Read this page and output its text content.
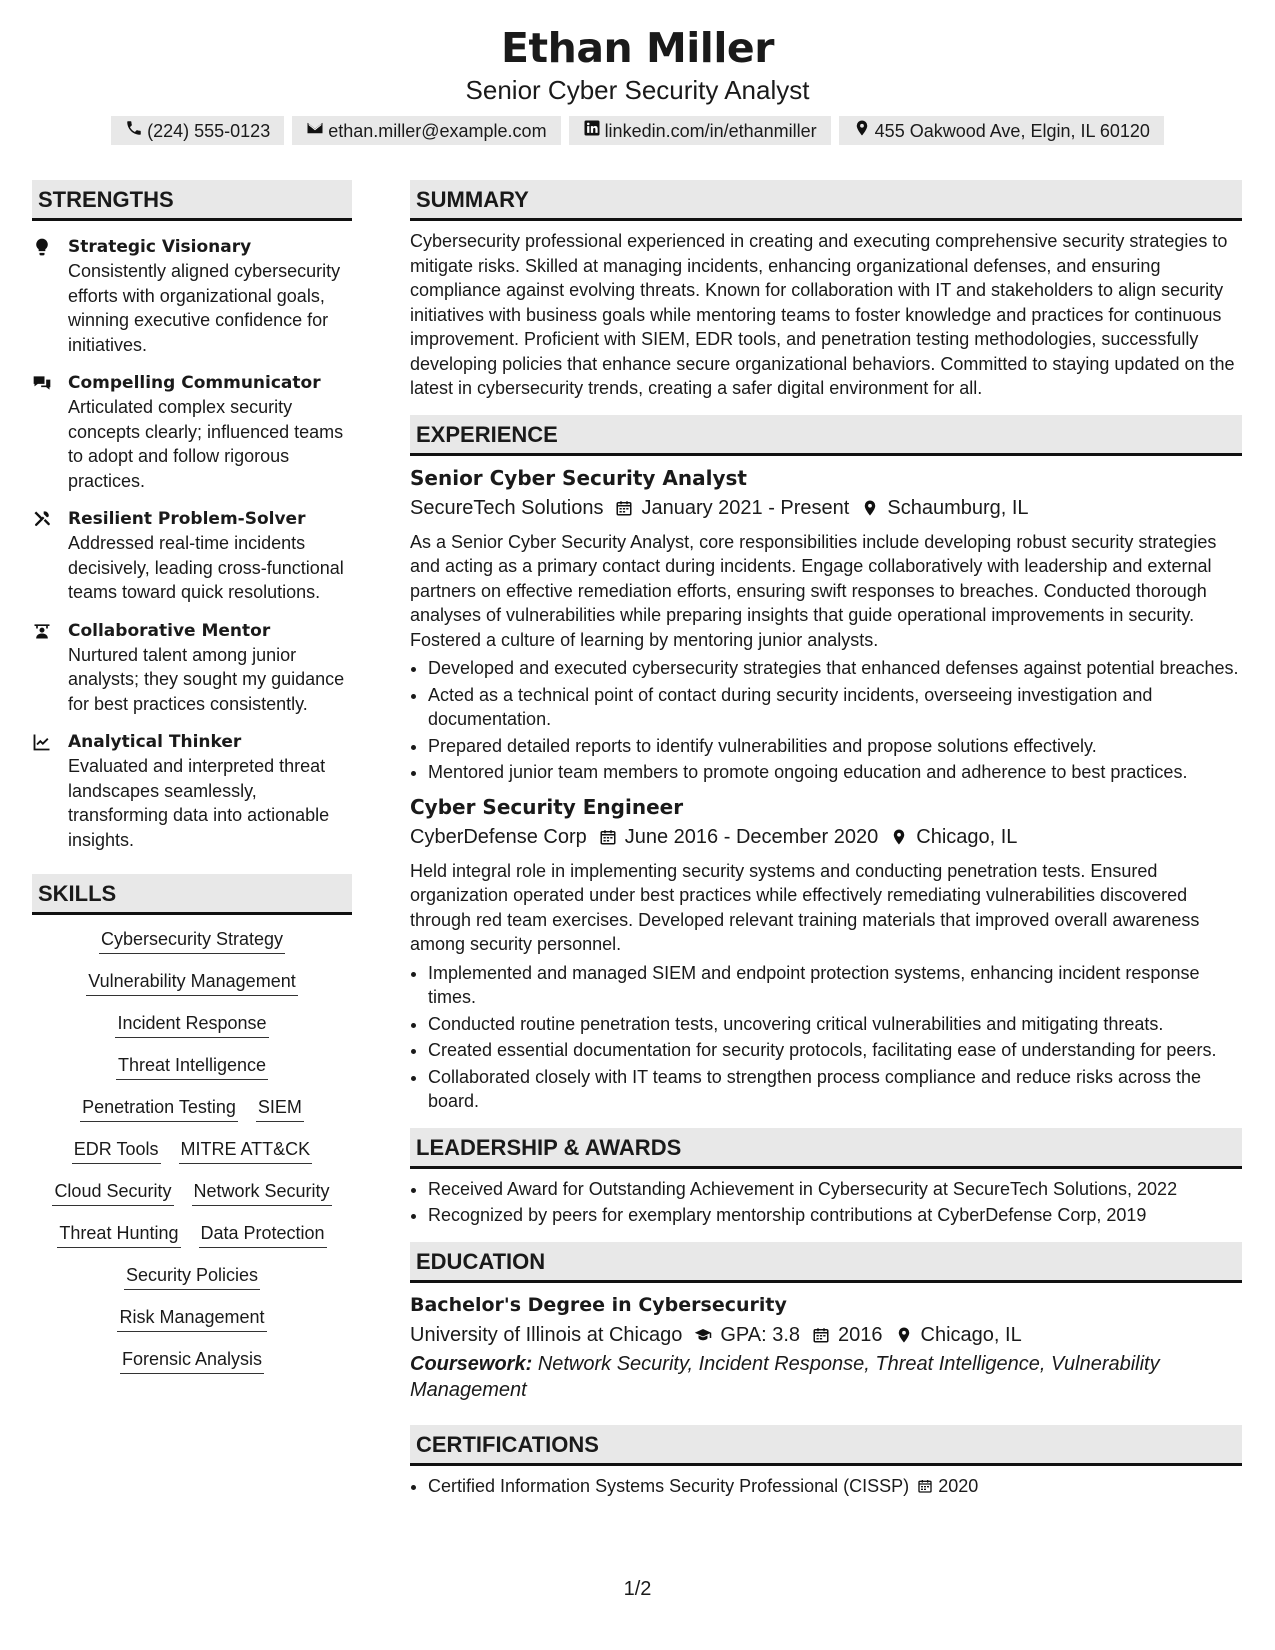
Ethan Miller
Senior Cyber Security Analyst
(224) 555-0123	ethan.miller@example.com	linkedin.com/in/ethanmiller	455 Oakwood Ave, Elgin, IL 60120
STRENGTHS
Strategic Visionary
Consistently aligned cybersecurity efforts with organizational goals, winning executive confidence for initiatives.
Compelling Communicator
Articulated complex security concepts clearly; influenced teams to adopt and follow rigorous practices.
Resilient Problem-Solver
Addressed real-time incidents decisively, leading cross-functional teams toward quick resolutions.
Collaborative Mentor
Nurtured talent among junior analysts; they sought my guidance for best practices consistently.
Analytical Thinker
Evaluated and interpreted threat landscapes seamlessly, transforming data into actionable insights.
SKILLS
Cybersecurity Strategy
Vulnerability Management
Incident Response
Threat Intelligence
Penetration Testing SIEM
EDR Tools MITRE ATT&CK
Cloud Security Network Security
Threat Hunting Data Protection
Security Policies
Risk Management
Forensic Analysis
SUMMARY
Cybersecurity professional experienced in creating and executing comprehensive security strategies to mitigate risks. Skilled at managing incidents, enhancing organizational defenses, and ensuring compliance against evolving threats. Known for collaboration with IT and stakeholders to align security initiatives with business goals while mentoring teams to foster knowledge and practices for continuous improvement. Proficient with SIEM, EDR tools, and penetration testing methodologies, successfully developing policies that enhance secure organizational behaviors. Committed to staying updated on the latest in cybersecurity trends, creating a safer digital environment for all.
EXPERIENCE
Senior Cyber Security Analyst
SecureTech Solutions January 2021 - Present Schaumburg, IL
As a Senior Cyber Security Analyst, core responsibilities include developing robust security strategies and acting as a primary contact during incidents. Engage collaboratively with leadership and external partners on effective remediation efforts, ensuring swift responses to breaches. Conducted thorough analyses of vulnerabilities while preparing insights that guide operational improvements in security. Fostered a culture of learning by mentoring junior analysts.
• Developed and executed cybersecurity strategies that enhanced defenses against potential breaches.
• Acted as a technical point of contact during security incidents, overseeing investigation and documentation.
• Prepared detailed reports to identify vulnerabilities and propose solutions effectively.
• Mentored junior team members to promote ongoing education and adherence to best practices.
Cyber Security Engineer
CyberDefense Corp June 2016 - December 2020 Chicago, IL
Held integral role in implementing security systems and conducting penetration tests. Ensured organization operated under best practices while effectively remediating vulnerabilities discovered through red team exercises. Developed relevant training materials that improved overall awareness among security personnel.
• Implemented and managed SIEM and endpoint protection systems, enhancing incident response times.
• Conducted routine penetration tests, uncovering critical vulnerabilities and mitigating threats.
• Created essential documentation for security protocols, facilitating ease of understanding for peers.
• Collaborated closely with IT teams to strengthen process compliance and reduce risks across the board.
LEADERSHIP & AWARDS
• Received Award for Outstanding Achievement in Cybersecurity at SecureTech Solutions, 2022
• Recognized by peers for exemplary mentorship contributions at CyberDefense Corp, 2019
EDUCATION
Bachelor's Degree in Cybersecurity
University of Illinois at Chicago GPA: 3.8 2016 Chicago, IL
Coursework: Network Security, Incident Response, Threat Intelligence, Vulnerability Management
CERTIFICATIONS
• Certified Information Systems Security Professional (CISSP) 2020
1/2
